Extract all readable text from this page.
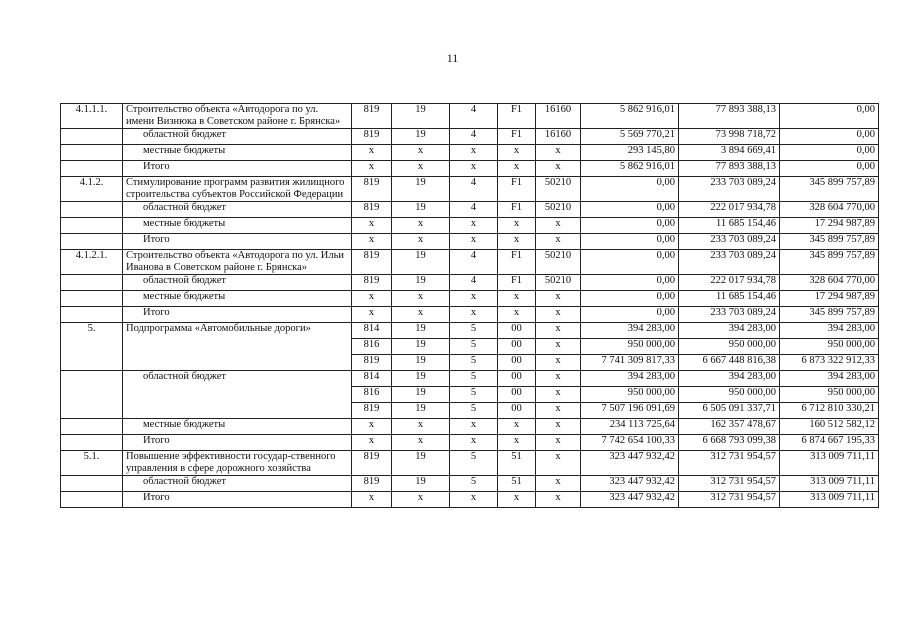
11
4.1.1.1.	Строительство объекта «Автодорога по ул. имени Визнюка в Советском районе г. Брянска»	819	19	4	F1	16160	5 862 916,01	77 893 388,13	0,00
	областной бюджет	819	19	4	F1	16160	5 569 770,21	73 998 718,72	0,00
	местные бюджеты	x	x	x	x	x	293 145,80	3 894 669,41	0,00
	Итого	x	x	x	x	x	5 862 916,01	77 893 388,13	0,00
4.1.2.	Стимулирование программ развития жилищного строительства субъектов Российской Федерации	819	19	4	F1	50210	0,00	233 703 089,24	345 899 757,89
	областной бюджет	819	19	4	F1	50210	0,00	222 017 934,78	328 604 770,00
	местные бюджеты	x	x	x	x	x	0,00	11 685 154,46	17 294 987,89
	Итого	x	x	x	x	x	0,00	233 703 089,24	345 899 757,89
4.1.2.1.	Строительство объекта «Автодорога по ул. Ильи Иванова в Советском районе г. Брянска»	819	19	4	F1	50210	0,00	233 703 089,24	345 899 757,89
	областной бюджет	819	19	4	F1	50210	0,00	222 017 934,78	328 604 770,00
	местные бюджеты	x	x	x	x	x	0,00	11 685 154,46	17 294 987,89
	Итого	x	x	x	x	x	0,00	233 703 089,24	345 899 757,89
5.	Подпрограмма «Автомобильные дороги»	814	19	5	00	x	394 283,00	394 283,00	394 283,00
		816	19	5	00	x	950 000,00	950 000,00	950 000,00
		819	19	5	00	x	7 741 309 817,33	6 667 448 816,38	6 873 322 912,33
	областной бюджет	814	19	5	00	x	394 283,00	394 283,00	394 283,00
		816	19	5	00	x	950 000,00	950 000,00	950 000,00
		819	19	5	00	x	7 507 196 091,69	6 505 091 337,71	6 712 810 330,21
	местные бюджеты	x	x	x	x	x	234 113 725,64	162 357 478,67	160 512 582,12
	Итого	x	x	x	x	x	7 742 654 100,33	6 668 793 099,38	6 874 667 195,33
5.1.	Повышение эффективности государ-ственного управления в сфере дорожного хозяйства	819	19	5	51	x	323 447 932,42	312 731 954,57	313 009 711,11
	областной бюджет	819	19	5	51	x	323 447 932,42	312 731 954,57	313 009 711,11
	Итого	x	x	x	x	x	323 447 932,42	312 731 954,57	313 009 711,11
